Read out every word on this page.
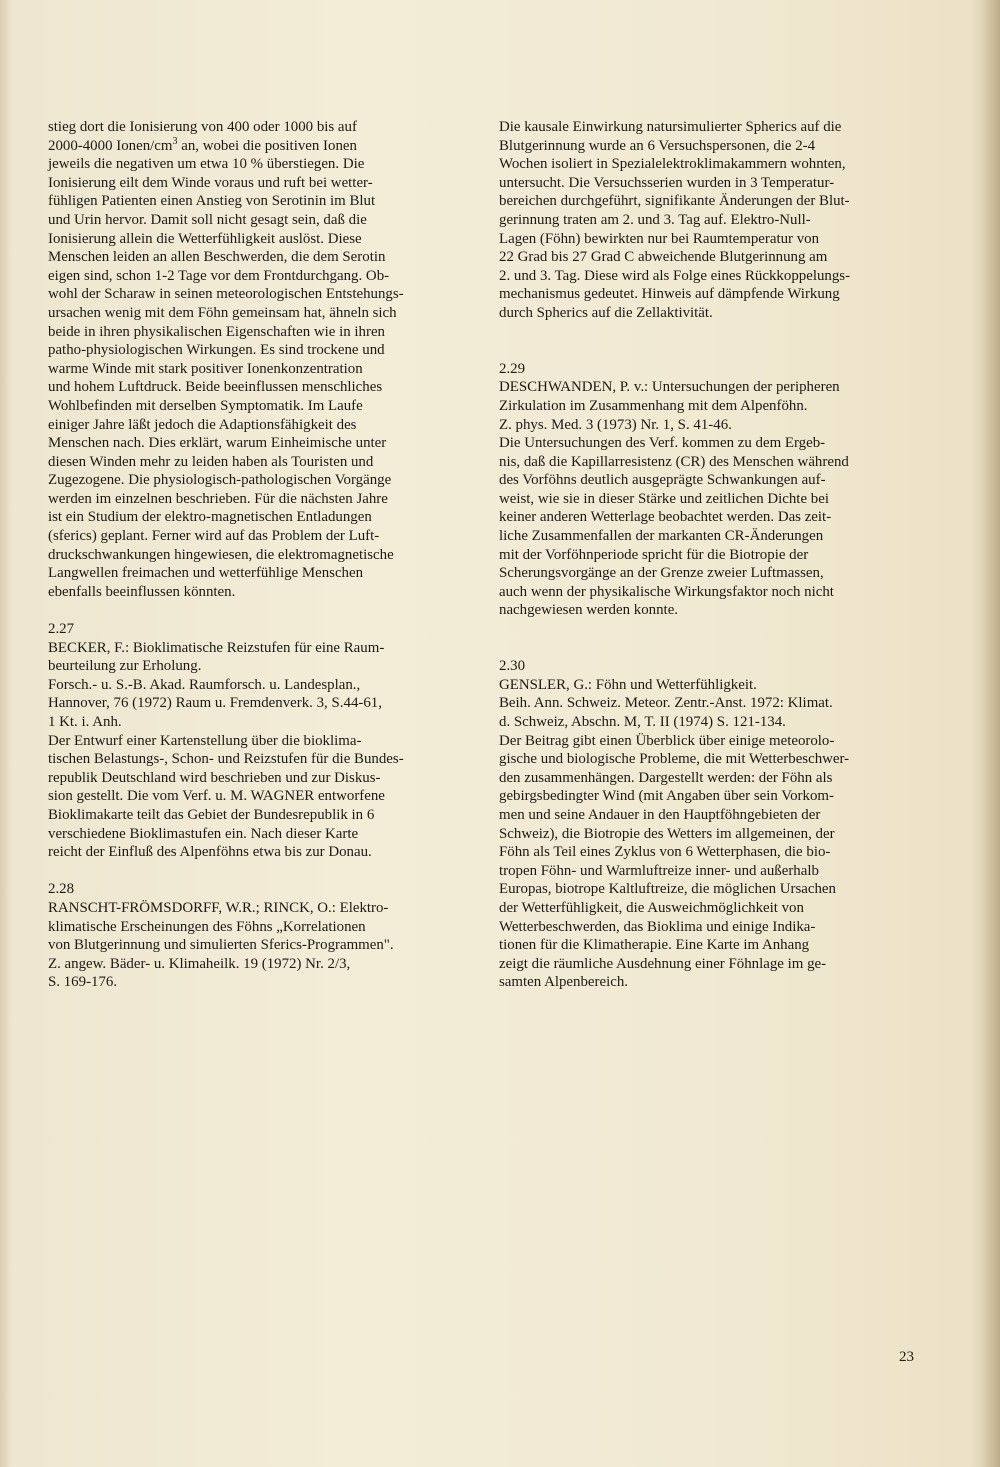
stieg dort die Ionisierung von 400 oder 1000 bis auf
2000-4000 Ionen/$cm^3$ an, wobei die positiven Ionen
jeweils die negativen um etwa 10 % überstiegen. Die
Ionisierung eilt dem Winde voraus und ruft bei wetter-
fühligen Patienten einen Anstieg von Serotinin im Blut
und Urin hervor. Damit soll nicht gesagt sein, daß die
Ionisierung allein die Wetterfühligkeit auslöst. Diese
Menschen leiden an allen Beschwerden, die dem Serotin
eigen sind, schon 1-2 Tage vor dem Frontdurchgang. Ob-
wohl der Scharaw in seinen meteorologischen Entstehungs-
ursachen wenig mit dem Föhn gemeinsam hat, ähneln sich
beide in ihren physikalischen Eigenschaften wie in ihren
patho-physiologischen Wirkungen. Es sind trockene und
warme Winde mit stark positiver Ionenkonzentration
und hohem Luftdruck. Beide beeinflussen menschliches
Wohlbefinden mit derselben Symptomatik. Im Laufe
einiger Jahre läßt jedoch die Adaptionsfähigkeit des
Menschen nach. Dies erklärt, warum Einheimische unter
diesen Winden mehr zu leiden haben als Touristen und
Zugezogene. Die physiologisch-pathologischen Vorgänge
werden im einzelnen beschrieben. Für die nächsten Jahre
ist ein Studium der elektro-magnetischen Entladungen
(sferics) geplant. Ferner wird auf das Problem der Luft-
druckschwankungen hingewiesen, die elektromagnetische
Langwellen freimachen und wetterfühlige Menschen
ebenfalls beeinflussen könnten.
2.27
BECKER, F.: Bioklimatische Reizstufen für eine Raum-
beurteilung zur Erholung.
Forsch.- u. S.-B. Akad. Raumforsch. u. Landesplan.,
Hannover, 76 (1972) Raum u. Fremdenverk. 3, S.44-61,
1 Kt. i. Anh.
Der Entwurf einer Kartenstellung über die bioklima-
tischen Belastungs-, Schon- und Reizstufen für die Bundes-
republik Deutschland wird beschrieben und zur Diskus-
sion gestellt. Die vom Verf. u. M. WAGNER entworfene
Bioklimakarte teilt das Gebiet der Bundesrepublik in 6
verschiedene Bioklimastufen ein. Nach dieser Karte
reicht der Einfluß des Alpenföhns etwa bis zur Donau.
2.28
RANSCHT-FRÖMSDORFF, W.R.; RINCK, O.: Elektro-
klimatische Erscheinungen des Föhns „Korrelationen
von Blutgerinnung und simulierten Sferics-Programmen".
Z. angew. Bäder- u. Klimaheilk. 19 (1972) Nr. 2/3,
S. 169-176.
Die kausale Einwirkung natursimulierter Spherics auf die
Blutgerinnung wurde an 6 Versuchspersonen, die 2-4
Wochen isoliert in Spezialelektroklimakammern wohnten,
untersucht. Die Versuchsserien wurden in 3 Temperatur-
bereichen durchgeführt, signifikante Änderungen der Blut-
gerinnung traten am 2. und 3. Tag auf. Elektro-Null-
Lagen (Föhn) bewirkten nur bei Raumtemperatur von
22 Grad bis 27 Grad C abweichende Blutgerinnung am
2. und 3. Tag. Diese wird als Folge eines Rückkoppelungs-
mechanismus gedeutet. Hinweis auf dämpfende Wirkung
durch Spherics auf die Zellaktivität.
2.29
DESCHWANDEN, P. v.: Untersuchungen der peripheren
Zirkulation im Zusammenhang mit dem Alpenföhn.
Z. phys. Med. 3 (1973) Nr. 1, S. 41-46.
Die Untersuchungen des Verf. kommen zu dem Ergeb-
nis, daß die Kapillarresistenz (CR) des Menschen während
des Vorföhns deutlich ausgeprägte Schwankungen auf-
weist, wie sie in dieser Stärke und zeitlichen Dichte bei
keiner anderen Wetterlage beobachtet werden. Das zeit-
liche Zusammenfallen der markanten CR-Änderungen
mit der Vorföhnperiode spricht für die Biotropie der
Scherungsvorgänge an der Grenze zweier Luftmassen,
auch wenn der physikalische Wirkungsfaktor noch nicht
nachgewiesen werden konnte.
2.30
GENSLER, G.: Föhn und Wetterfühligkeit.
Beih. Ann. Schweiz. Meteor. Zentr.-Anst. 1972: Klimat.
d. Schweiz, Abschn. M, T. II (1974) S. 121-134.
Der Beitrag gibt einen Überblick über einige meteorolo-
gische und biologische Probleme, die mit Wetterbeschwer-
den zusammenhängen. Dargestellt werden: der Föhn als
gebirgsbedingter Wind (mit Angaben über sein Vorkom-
men und seine Andauer in den Hauptföhngebieten der
Schweiz), die Biotropie des Wetters im allgemeinen, der
Föhn als Teil eines Zyklus von 6 Wetterphasen, die bio-
tropen Föhn- und Warmluftreize inner- und außerhalb
Europas, biotrope Kaltluftreize, die möglichen Ursachen
der Wetterfühligkeit, die Ausweichmöglichkeit von
Wetterbeschwerden, das Bioklima und einige Indika-
tionen für die Klimatherapie. Eine Karte im Anhang
zeigt die räumliche Ausdehnung einer Föhnlage im ge-
samten Alpenbereich.
23
